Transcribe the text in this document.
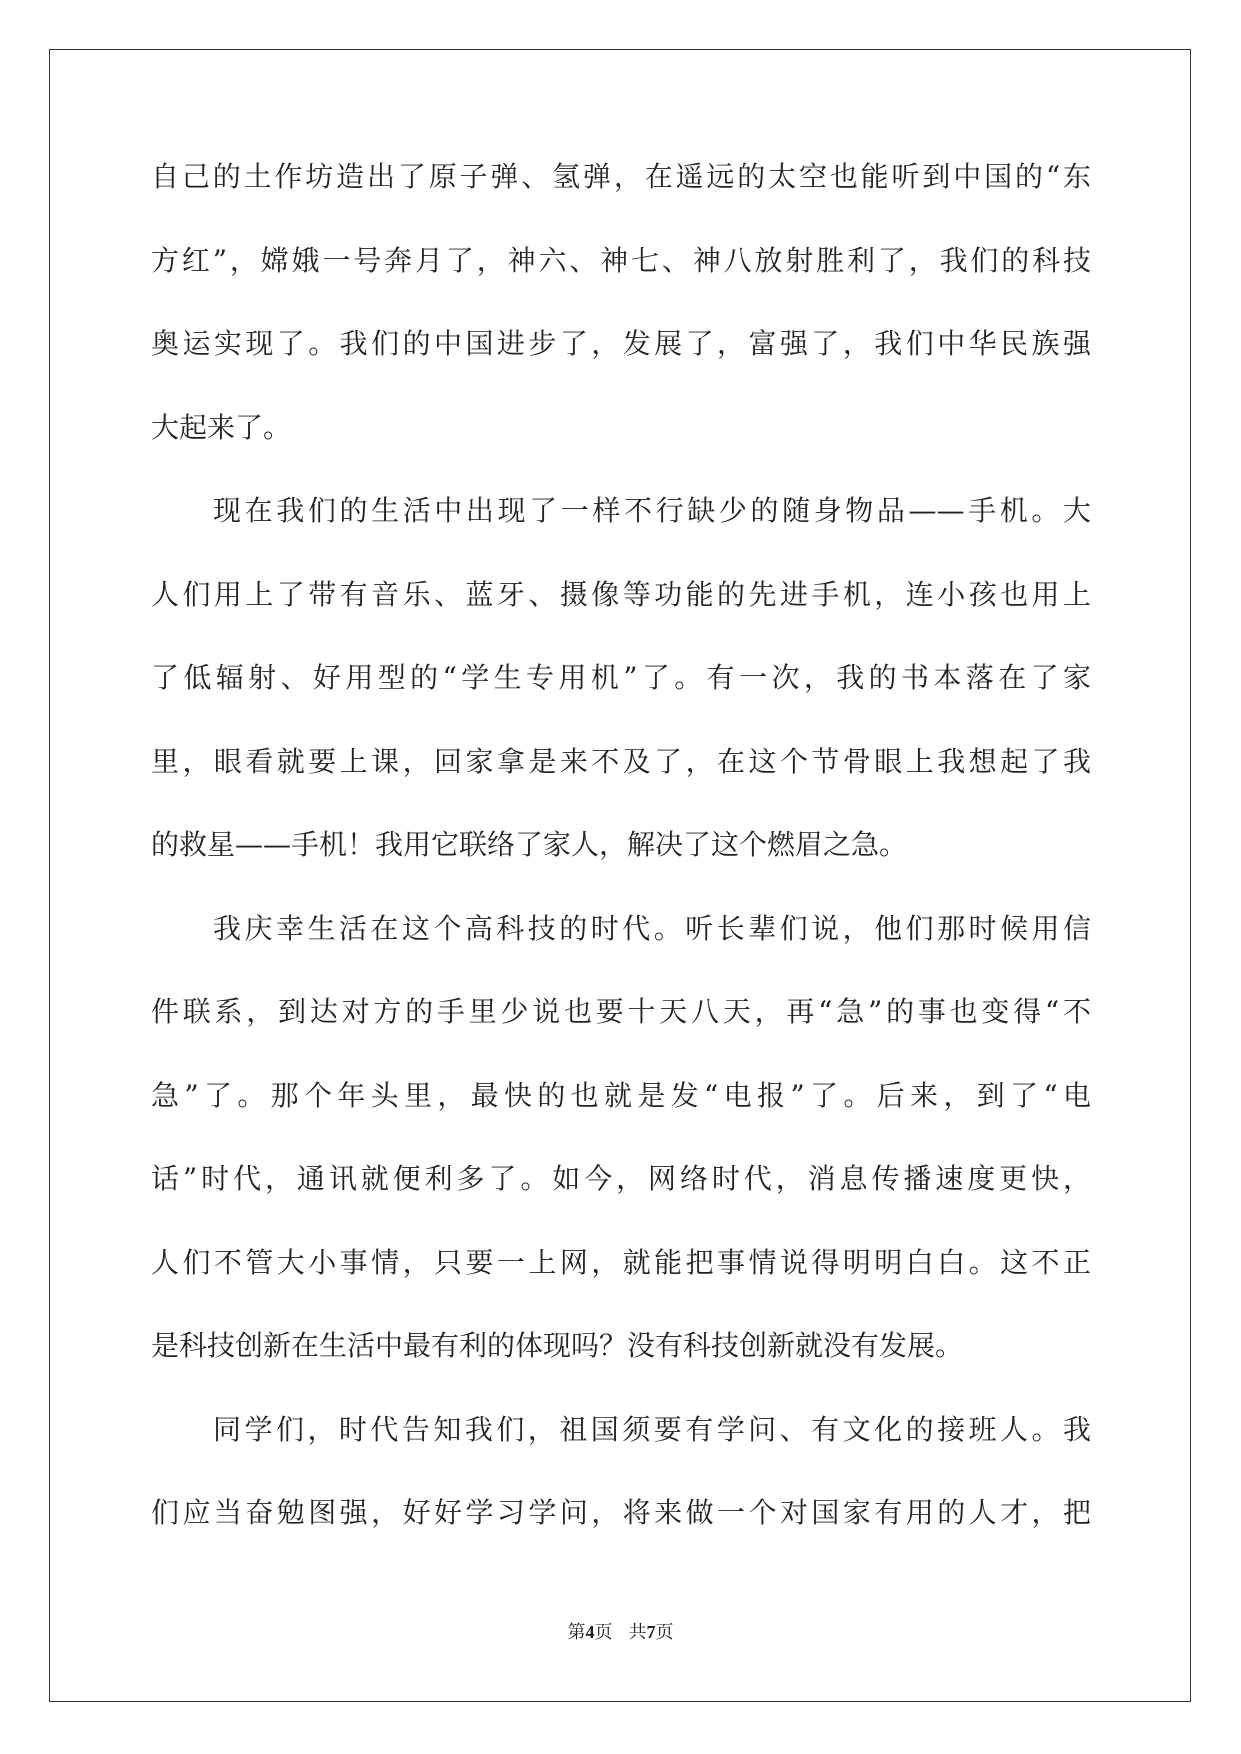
自己的土作坊造出了原子弹、氢弹，在遥远的太空也能听到中国的“东
方红”，嫦娥一号奔月了，神六、神七、神八放射胜利了，我们的科技
奥运实现了。我们的中国进步了，发展了，富强了，我们中华民族强
大起来了。
现在我们的生活中出现了一样不行缺少的随身物品——手机。大
人们用上了带有音乐、蓝牙、摄像等功能的先进手机，连小孩也用上
了低辐射、好用型的“学生专用机”了。有一次，我的书本落在了家
里，眼看就要上课，回家拿是来不及了，在这个节骨眼上我想起了我
的救星——手机！我用它联络了家人，解决了这个燃眉之急。
我庆幸生活在这个高科技的时代。听长辈们说，他们那时候用信
件联系，到达对方的手里少说也要十天八天，再“急”的事也变得“不
急”了。那个年头里，最快的也就是发“电报”了。后来，到了“电
话”时代，通讯就便利多了。如今，网络时代，消息传播速度更快，
人们不管大小事情，只要一上网，就能把事情说得明明白白。这不正
是科技创新在生活中最有利的体现吗？没有科技创新就没有发展。
同学们，时代告知我们，祖国须要有学问、有文化的接班人。我
们应当奋勉图强，好好学习学问，将来做一个对国家有用的人才，把
第4页 共7页
